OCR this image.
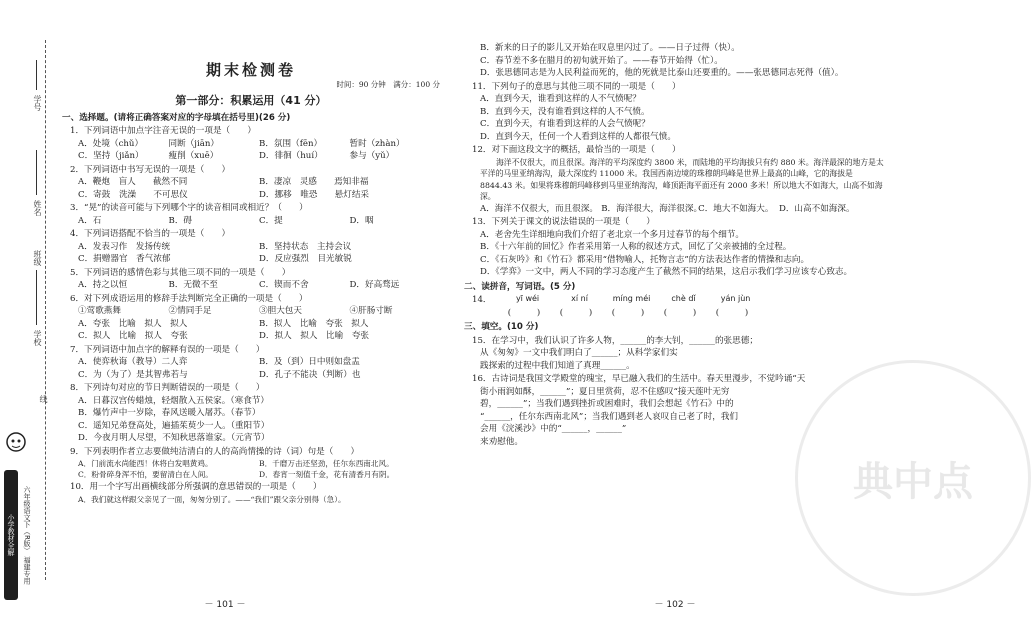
学号
姓名
班级
学校
线
小学教材全解	六年级语文下（R版） 福建专用
期末检测卷
时间：90 分钟　满分：100 分
第一部分：积累运用（41 分）
一、选择题。(请将正确答案对应的字母填在括号里)(26 分)
1．下列词语中加点字注音无误的一项是（　　）
A．处境（chǔ）	同断（jiān）	B．氛围（fēn）	暂时（zhàn）
C．坚持（jiǎn）	瘦削（xuē）	D．徘徊（huí）	参与（yǔ）
2．下列词语中书写无误的一项是（　　）
A．鞭炮　盲人　　截然不同	B．凄凉　灵感　　焉知非福
C．寄鼓　洗澡　　不可思仪	D．挪移　唯恐　　悬灯结采
3．“晃”的读音可能与下列哪个字的读音相同或相近？（　　）
A．石	B．碍	C．提	D．咽
4．下列词语搭配不恰当的一项是（　　）
A．发表习作　发扬传统	B．坚持状态　主持会议
C．捐赠器官　香气浓郁	D．反应强烈　目光敏锐
5．下列词语的感情色彩与其他三项不同的一项是（　　）
A．持之以恒	B．无微不至	C．锲而不舍	D．好高骛远
6．对下列成语运用的修辞手法判断完全正确的一项是（　　）
①莺歌燕舞	②情同手足	③胆大包天	④肝肠寸断
A．夸张　比喻　拟人　拟人	B．拟人　比喻　夸张　拟人
C．拟人　比喻　拟人　夸张	D．拟人　拟人　比喻　夸张
7．下列词语中加点字的解释有误的一项是（　　）
A．使弈秋诲（教导）二人弈	B．及（到）日中则如盘盂
C．为（为了）是其智弗若与	D．孔子不能决（判断）也
8．下列诗句对应的节日判断错误的一项是（　　）
A．日暮汉宫传蜡烛，轻烟散入五侯家。（寒食节）
B．爆竹声中一岁除，春风送暖入屠苏。（春节）
C．遥知兄弟登高处，遍插茱萸少一人。（重阳节）
D．今夜月明人尽望，不知秋思落谁家。（元宵节）
9．下列表明作者立志要做纯洁清白的人的高尚情操的诗（词）句是（　　）
A．门前流水尚能西！休将白发唱黄鸡。	B．千磨万击还坚劲，任尔东西南北风。
C．粉骨碎身浑不怕，要留清白在人间。	D．春宵一刻值千金，花有清香月有阴。
10．用一个字写出画横线部分所强调的意思错误的一项是（　　）
A．我们就这样跟父亲见了一面，匆匆分别了。——“我们”跟父亲分别得（急）。
－ 101 －
典中点
B．新来的日子的影儿又开始在叹息里闪过了。——日子过得（快）。
C．春节差不多在腊月的初旬就开始了。——春节开始得（忙）。
D．张思德同志是为人民利益而死的，他的死就是比泰山还要重的。——张思德同志死得（值）。
11．下列句子的意思与其他三项不同的一项是（　　）
A．直到今天，谁看到这样的人不气愤呢？
B．直到今天，没有谁看到这样的人不气愤。
C．直到今天，有谁看到这样的人会气愤呢？
D．直到今天，任何一个人看到这样的人都很气愤。
12．对下面这段文字的概括，最恰当的一项是（　　）
海洋不仅很大，而且很深。海洋的平均深度约 3800 米，而陆地的平均海拔只有约 880 米。海洋最深的地方是太平洋的马里亚纳海沟，最大深度约 11000 米。我国西南边境的珠穆朗玛峰是世界上最高的山峰，它的海拔是 8844.43 米。如果将珠穆朗玛峰移到马里亚纳海沟，峰顶距海平面还有 2000 多米！所以地大不如海大，山高不如海深。
A．海洋不仅很大，而且很深。 B．海洋很大，海洋很深。
C．地大不如海大。 D．山高不如海深。
13．下列关于课文的说法错误的一项是（　　）
A．老舍先生详细地向我们介绍了老北京一个多月过春节的每个细节。
B．《十六年前的回忆》作者采用第一人称的叙述方式，回忆了父亲被捕的全过程。
C．《石灰吟》和《竹石》都采用“借物喻人，托物言志”的方法表达作者的情操和志向。
D．《学弈》一文中，两人不同的学习态度产生了截然不同的结果，这启示我们学习应该专心致志。
二、读拼音，写词语。(5 分)
14．	yī wéi	xí ní	míng méi	chè dǐ	yán jùn
(　　　)	(　　　)	(　　　)	(　　　)	(　　　)
三、填空。(10 分)
15．在学习中，我们认识了许多人物，______的李大钊，______的张思德；
从《匆匆》一文中我们明白了______；从科学家们实
践探索的过程中我们知道了真理______。
16．古诗词是我国文学殿堂的瑰宝，早已融入我们的生活中。春天里漫步，不觉吟诵“天
街小雨润如酥，______”；夏日里赏荷，忍不住感叹“接天莲叶无穷
碧，______”；当我们遇到挫折或困难时，我们会想起《竹石》中的
“______，任尔东西南北风”；当我们遇到老人哀叹自己老了时，我们
会用《浣溪沙》中的“______，______”
来劝慰他。
－ 102 －
